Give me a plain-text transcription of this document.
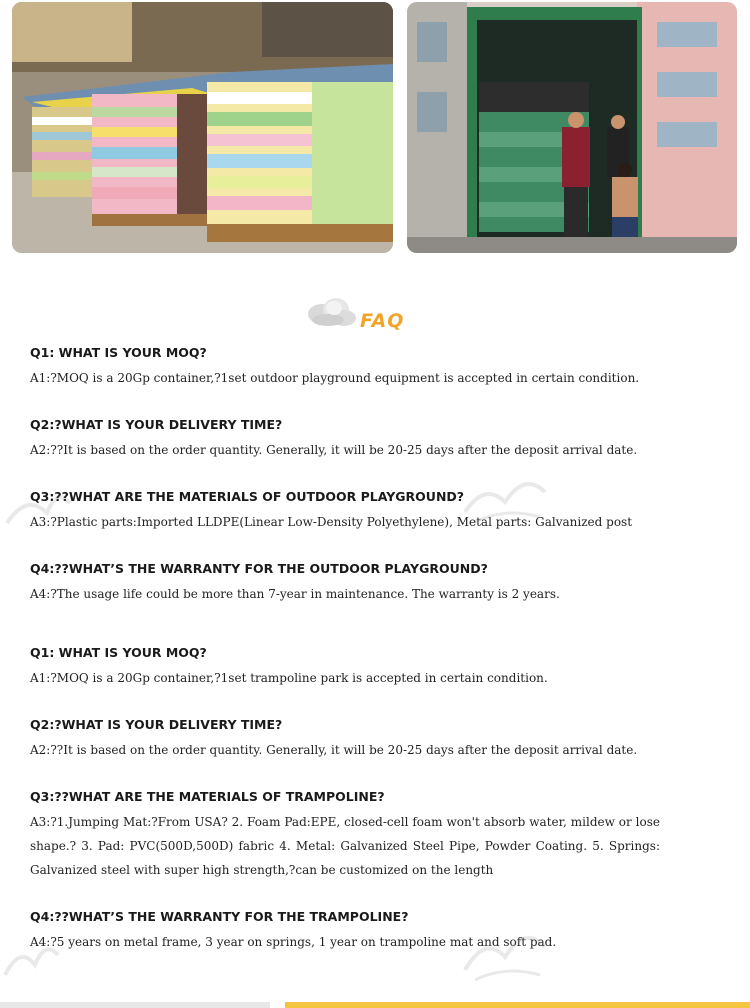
FAQ
Q1: WHAT IS YOUR MOQ?
A1:?MOQ is a 20Gp container,?1set outdoor playground equipment is accepted in certain condition.
Q2:?WHAT IS YOUR DELIVERY TIME?
A2:??It is based on the order quantity. Generally, it will be 20-25 days after the deposit arrival date.
Q3:??WHAT ARE THE MATERIALS OF OUTDOOR PLAYGROUND?
A3:?Plastic parts:Imported LLDPE(Linear Low-Density Polyethylene), Metal parts: Galvanized post
Q4:??WHAT’S THE WARRANTY FOR THE OUTDOOR PLAYGROUND?
A4:?The usage life could be more than 7-year in maintenance. The warranty is 2 years.
Q1: WHAT IS YOUR MOQ?
A1:?MOQ is a 20Gp container,?1set trampoline park is accepted in certain condition.
Q2:?WHAT IS YOUR DELIVERY TIME?
A2:??It is based on the order quantity. Generally, it will be 20-25 days after the deposit arrival date.
Q3:??WHAT ARE THE MATERIALS OF TRAMPOLINE?
A3:?1.Jumping Mat:?From USA? 2. Foam Pad:EPE, closed-cell foam won't absorb water, mildew or lose shape.? 3. Pad: PVC(500D,500D) fabric 4. Metal: Galvanized Steel Pipe, Powder Coating. 5. Springs: Galvanized steel with super high strength,?can be customized on the length
Q4:??WHAT’S THE WARRANTY FOR THE TRAMPOLINE?
A4:?5 years on metal frame, 3 year on springs, 1 year on trampoline mat and soft pad.
